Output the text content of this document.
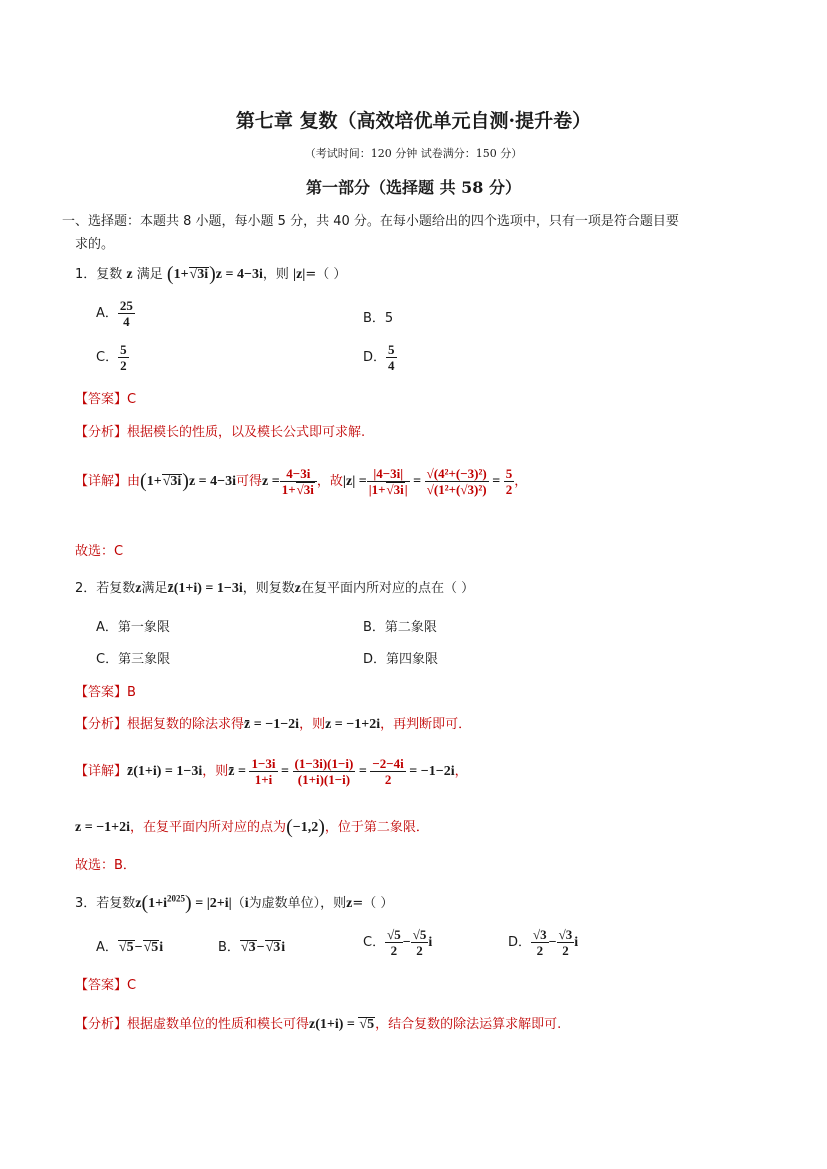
第七章 复数（高效培优单元自测·提升卷）
（考试时间：120 分钟 试卷满分：150 分）
第一部分（选择题 共 58 分）
一、选择题：本题共 8 小题，每小题 5 分，共 40 分。在每小题给出的四个选项中，只有一项是符合题目要
求的。
1．复数 z 满足 (1+√3i)z = 4−3i，则 |z|=（ ）
A． $\frac{25}{4}$	B．5
C． $\frac{5}{2}$	D． $\frac{5}{4}$
【答案】C
【分析】根据模长的性质，以及模长公式即可求解.
【详解】由(1+√3i)z = 4−3i可得$z = \frac{4-3i}{1+√3i}$ ，故$|z| = \frac{|4-3i|}{|1+√3i|} = \frac{\text{√(4²+(−3)²)}}{\text{√(1²+(√3)²)}} = \frac{5}{2}$ ，
故选：C
2．若复数z满足z̄(1+i) = 1−3i，则复数z在复平面内所对应的点在（ ）
A．第一象限	B．第二象限
C．第三象限	D．第四象限
【答案】B
【分析】根据复数的除法求得z̄ = −1−2i，则z = −1+2i，再判断即可．
【详解】z̄(1+i) = 1−3i，则z̄ = $\frac{1-3i}{1+i} = \frac{(1-3i)(1-i)}{(1+i)(1-i)} = \frac{-2-4i}{2} = -1-2i$，
z = −1+2i，在复平面内所对应的点为(−1,2)，位于第二象限．
故选：B．
3．若复数$z(1+i^{2025}) = |2+i|(i$为虚数单位），则z=（ ）
A．√5−√5i	B．√3−√3i	C． $\frac{√5}{2} - \frac{√5}{2}$ i	D． $\frac{√3}{2} - \frac{√3}{2}$ i
【答案】C
【分析】根据虚数单位的性质和模长可得z(1+i) = √5，结合复数的除法运算求解即可.
